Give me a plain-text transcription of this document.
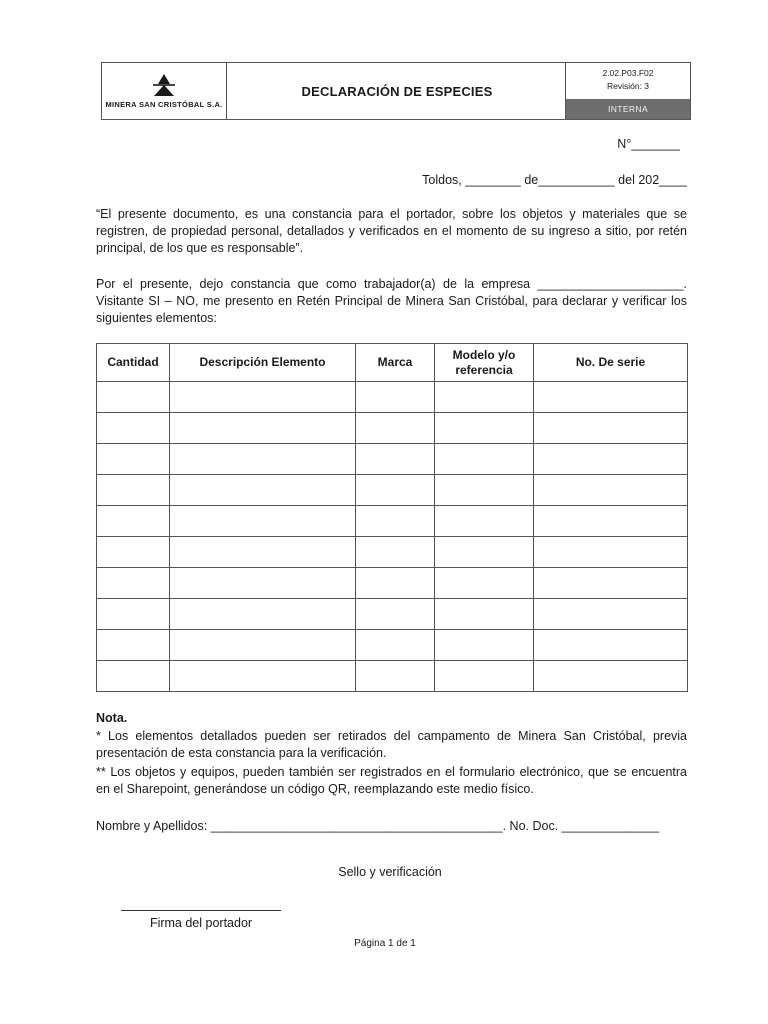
MINERA SAN CRISTÓBAL S.A.
DECLARACIÓN DE ESPECIES
2.02.P03.F02
Revisión: 3
INTERNA
N°_______
Toldos, ________ de___________ del 202____
“El presente documento, es una constancia para el portador, sobre los objetos y materiales que se registren, de propiedad personal, detallados y verificados en el momento de su ingreso a sitio, por retén principal, de los que es responsable”.
Por el presente, dejo constancia que como trabajador(a) de la empresa _____________________. Visitante SI – NO, me presento en Retén Principal de Minera San Cristóbal, para declarar y verificar los siguientes elementos:
Cantidad	Descripción Elemento	Marca	Modelo y/o referencia	No. De serie

Nota.
* Los elementos detallados pueden ser retirados del campamento de Minera San Cristóbal, previa presentación de esta constancia para la verificación.
** Los objetos y equipos, pueden también ser registrados en el formulario electrónico, que se encuentra en el Sharepoint, generándose un código QR, reemplazando este medio físico.
Nombre y Apellidos: __________________________________________. No. Doc. ______________
Sello y verificación
Firma del portador
Página 1 de 1
